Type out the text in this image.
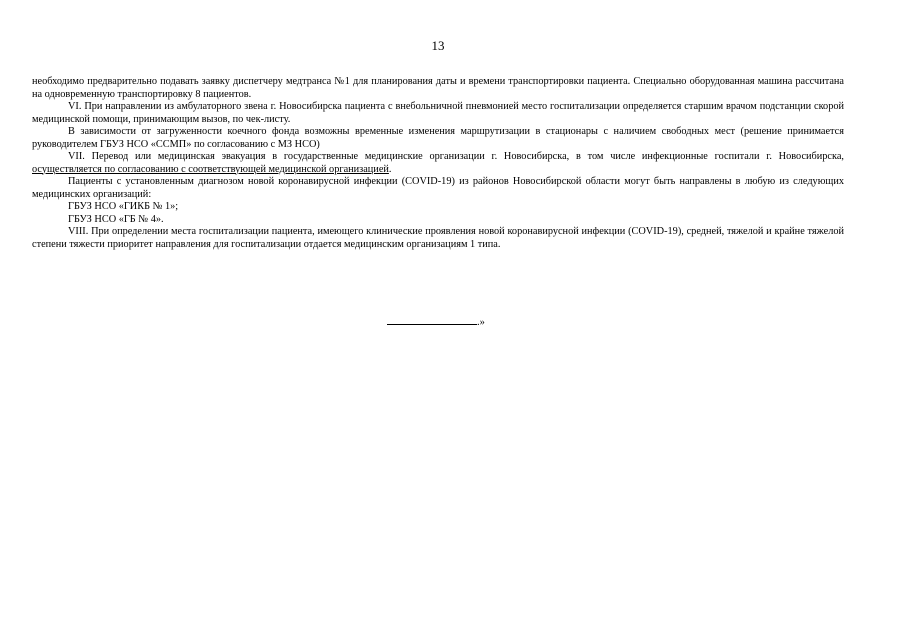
13

необходимо предварительно подавать заявку диспетчеру медтранса №1 для планирования даты и времени транспортировки пациента. Специально оборудованная машина рассчитана на одновременную транспортировку 8 пациентов.

VI. При направлении из амбулаторного звена г. Новосибирска пациента с внебольничной пневмонией место госпитализации определяется старшим врачом подстанции скорой медицинской помощи, принимающим вызов, по чек-листу.

В зависимости от загруженности коечного фонда возможны временные изменения маршрутизации в стационары с наличием свободных мест (решение принимается руководителем ГБУЗ НСО «ССМП» по согласованию с МЗ НСО)

VII. Перевод или медицинская эвакуация в государственные медицинские организации г. Новосибирска, в том числе инфекционные госпитали г. Новосибирска, осуществляется по согласованию с соответствующей медицинской организацией.

Пациенты с установленным диагнозом новой коронавирусной инфекции (COVID-19) из районов Новосибирской области могут быть направлены в любую из следующих медицинских организаций:

ГБУЗ НСО «ГИКБ № 1»;

ГБУЗ НСО «ГБ № 4».

VIII. При определении места госпитализации пациента, имеющего клинические проявления новой коронавирусной инфекции (COVID-19), средней, тяжелой и крайне тяжелой степени тяжести приоритет направления для госпитализации отдается медицинским организациям 1 типа.

.»
